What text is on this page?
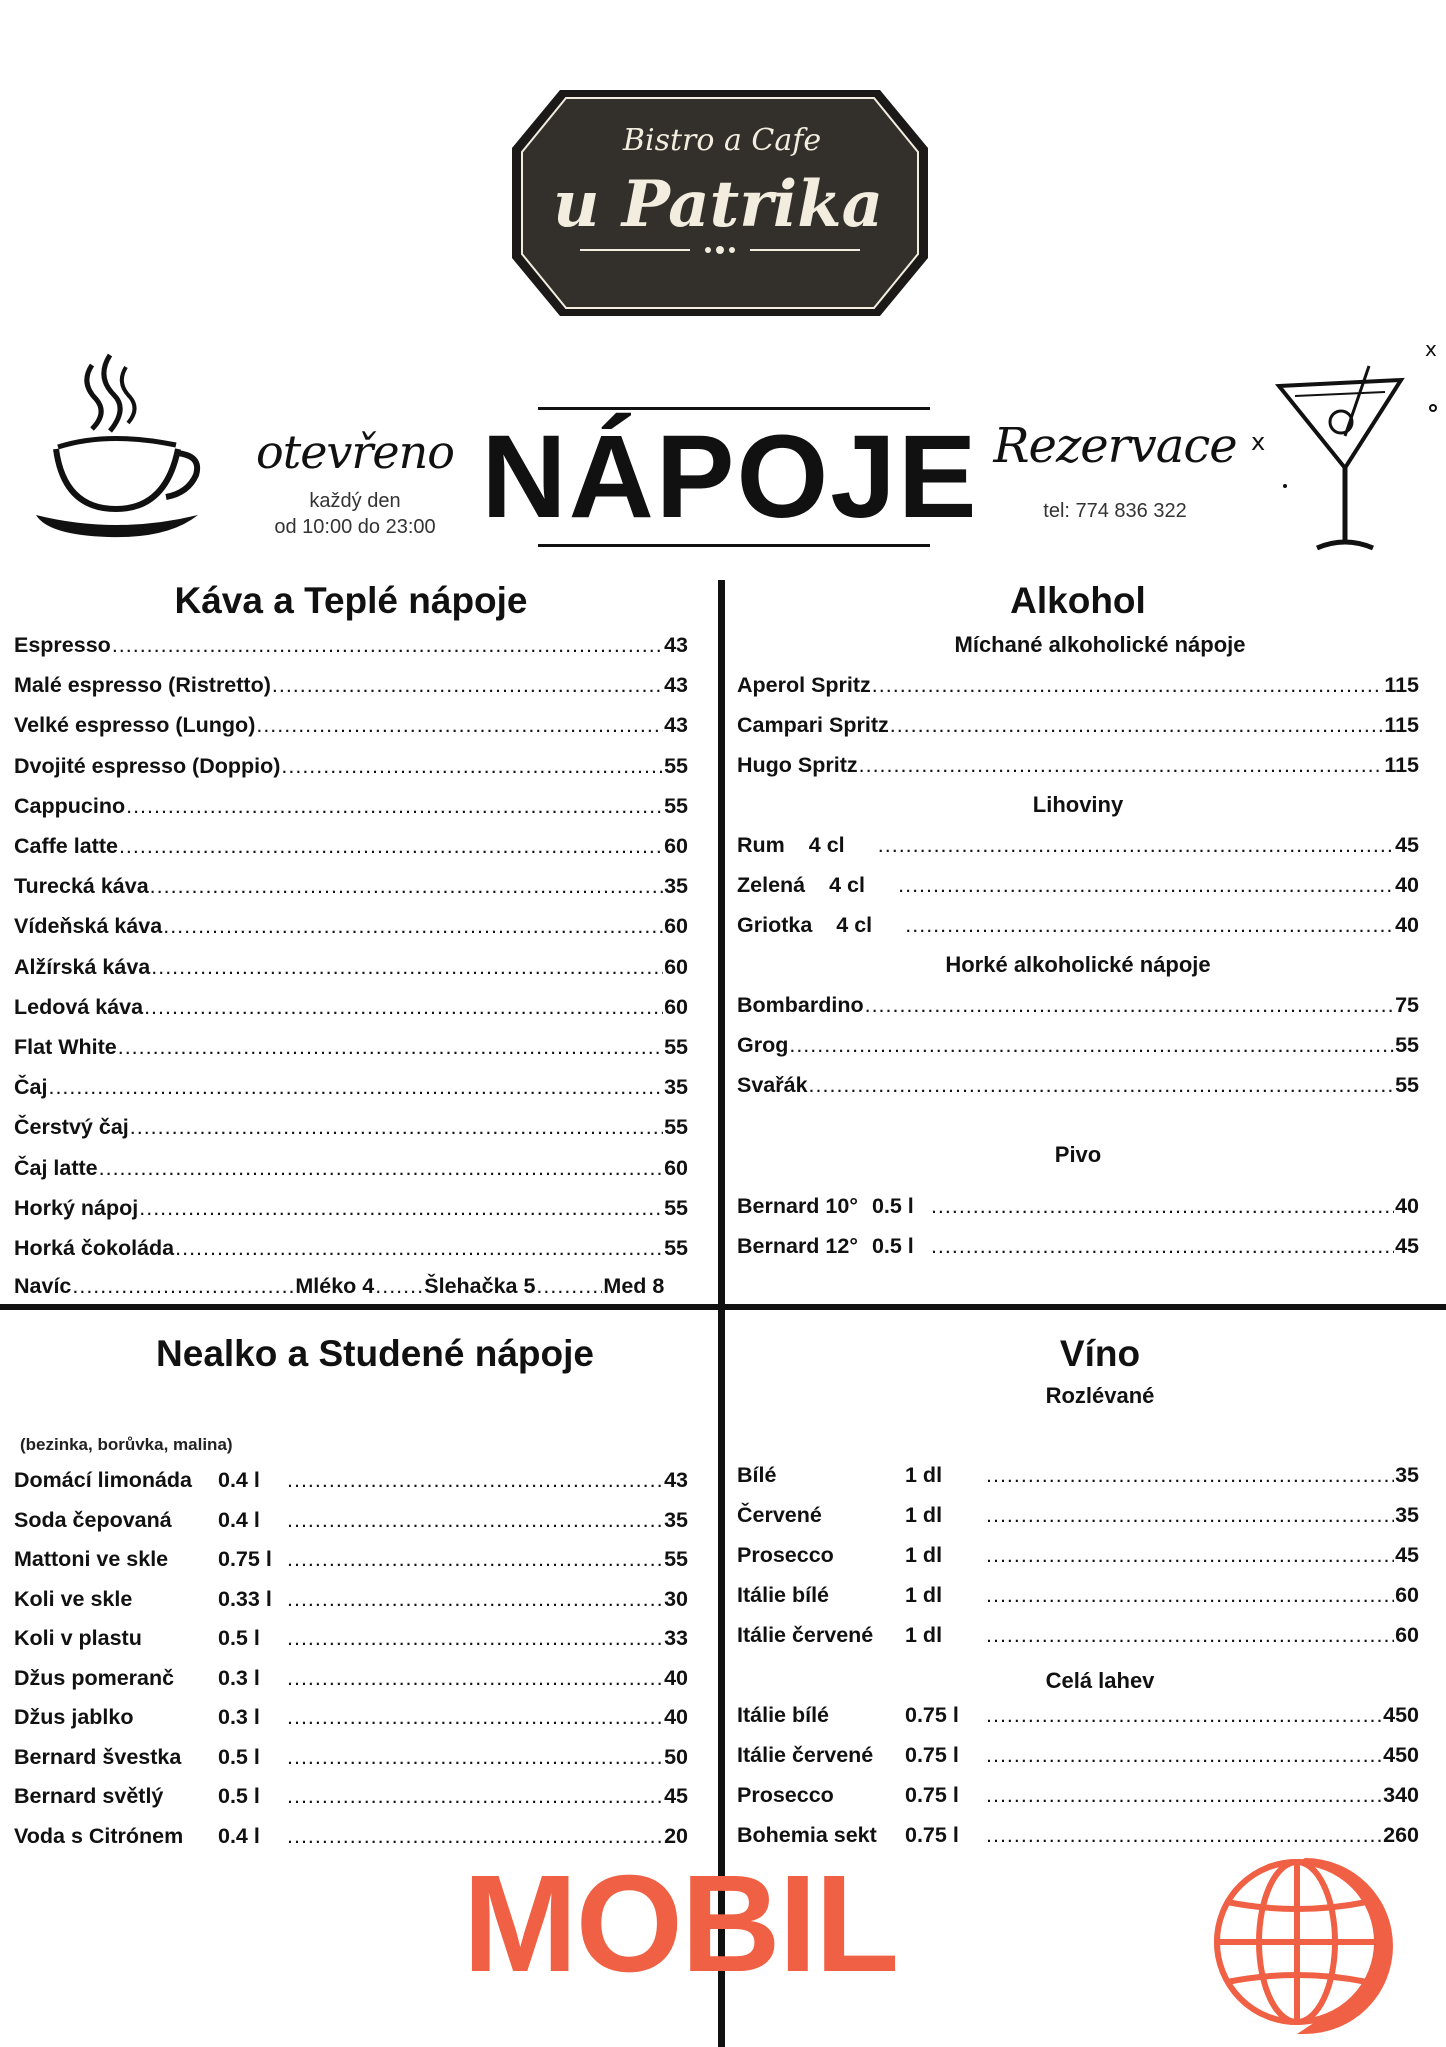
Bistro a Cafe
u Patrika
otevřeno
každý den
od 10:00 do 23:00 NÁPOJE Rezervace
tel: 774 836 322
x
x
Káva a Teplé nápoje
Espresso .....	43
Malé espresso (Ristretto) .....	43
Velké espresso (Lungo) .....	43
Dvojité espresso (Doppio) .....	55
Cappucino .....	55
Caffe latte .....	60
Turecká káva .....	35
Vídeňská káva .....	60
Alžírská káva .....	60
Ledová káva .....	60
Flat White .....	55
Čaj .....	35
Čerstvý čaj .....	55
Čaj latte .....	60
Horký nápoj .....	55
Horká čokoláda .....	55
Navíc .....	Mléko 4 ..... Šlehačka 5 .....	Med 8
Alkohol
Míchané alkoholické nápoje
Lihoviny
Horké alkoholické nápoje
Pivo
Aperol Spritz .....	115
Campari Spritz .....	115
Hugo Spritz .....	115
Rum 4 cl .....	45
Zelená 4 cl .....	40
Griotka 4 cl .....	40
Bombardino .....	75
Grog .....	55
Svařák .....	55
Bernard 10° 0.5 l .....	40
Bernard 12° 0.5 l .....	45
Nealko a Studené nápoje
(bezinka, borůvka, malina)
Domácí limonáda	0.4 l .....	43
Soda čepovaná	0.4 l .....	35
Mattoni ve skle	0.75 l .....	55
Koli ve skle	0.33 l .....	30
Koli v plastu	0.5 l .....	33
Džus pomeranč	0.3 l .....	40
Džus jablko	0.3 l .....	40
Bernard švestka	0.5 l .....	50
Bernard světlý	0.5 l .....	45
Voda s Citrónem	0.4 l .....	20
Víno
Rozlévané
Celá lahev
Bílé	1 dl .....	35
Červené	1 dl .....	35
Prosecco	1 dl .....	45
Itálie bílé	1 dl .....	60
Itálie červené	1 dl .....	60
Itálie bílé	0.75 l .....	450
Itálie červené	0.75 l .....	450
Prosecco	0.75 l .....	340
Bohemia sekt	0.75 l .....	260
MOBIL
